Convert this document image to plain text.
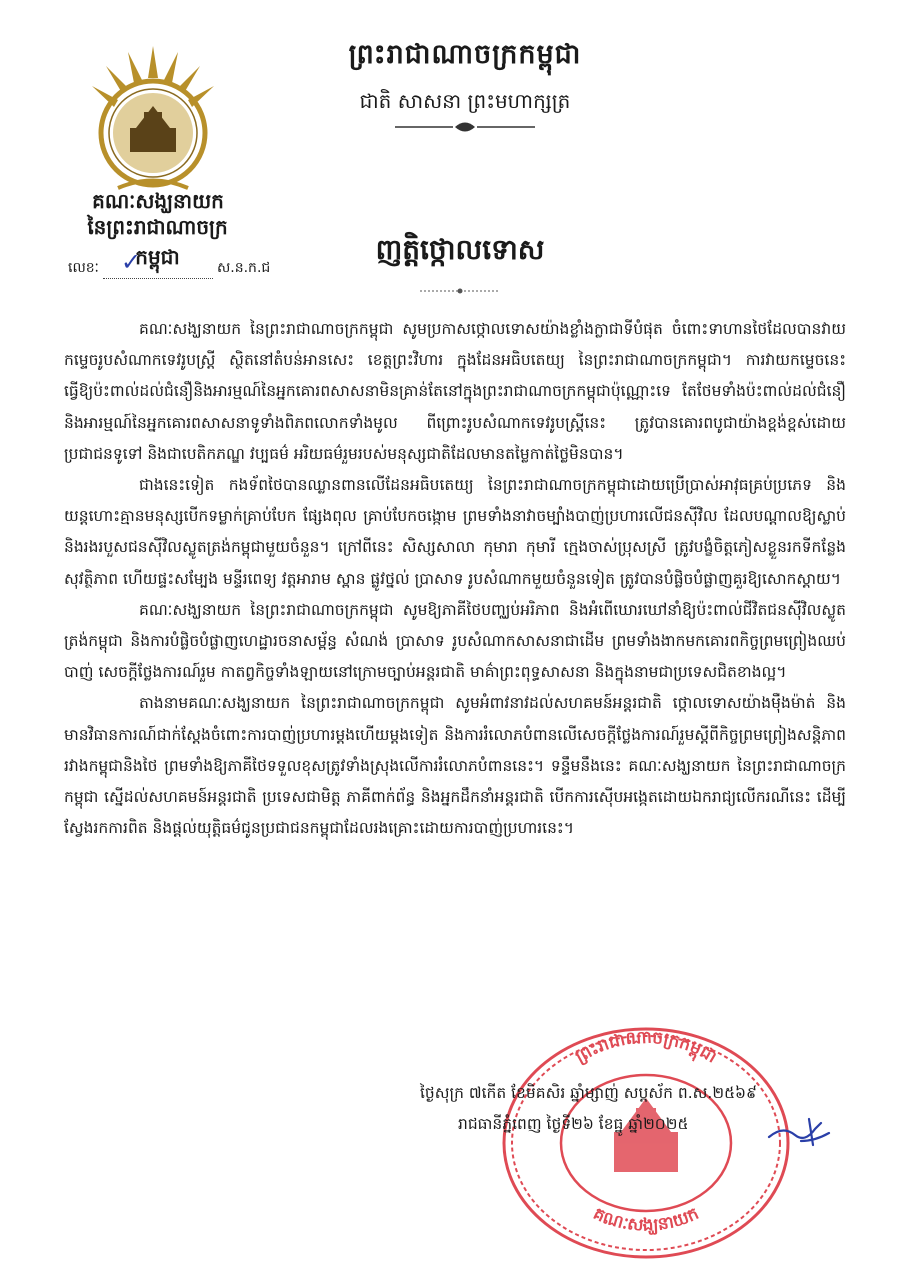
គណៈសង្ឃនាយក
នៃព្រះរាជាណាចក្រកម្ពុជា
លេខៈ ✓	ស.ន.ក.ជ
ព្រះរាជាណាចក្រកម្ពុជា
ជាតិ សាសនា ព្រះមហាក្សត្រ
ញត្តិថ្កោលទោស

គណៈសង្ឃនាយក នៃព្រះរាជាណាចក្រកម្ពុជា សូមប្រកាសថ្កោលទោសយ៉ាងខ្លាំងក្លាជាទីបំផុត ចំពោះទាហានថៃដែលបានវាយកម្ទេចរូបសំណាកទេវរូបស្ត្រី ស្ថិតនៅតំបន់អានសេះ ខេត្តព្រះវិហារ ក្នុងដែនអធិបតេយ្យ នៃព្រះរាជាណាចក្រកម្ពុជា។ ការវាយកម្ទេចនេះ ធ្វើឱ្យប៉ះពាល់ដល់ជំនឿនិងអារម្មណ៍នៃអ្នកគោរពសាសនាមិនគ្រាន់តែនៅក្នុងព្រះរាជាណាចក្រកម្ពុជាប៉ុណ្ណោះទេ តែថែមទាំងប៉ះពាល់ដល់ជំនឿនិងអារម្មណ៍នៃអ្នកគោរពសាសនាទូទាំងពិភពលោកទាំងមូល ពីព្រោះរូបសំណាកទេវរូបស្ត្រីនេះ ត្រូវបានគោរពបូជាយ៉ាងខ្ពង់ខ្ពស់ដោយប្រជាជនទូទៅ និងជាបេតិកភណ្ឌ វប្បធម៌ អរិយធម៌រួមរបស់មនុស្សជាតិដែលមានតម្លៃកាត់ថ្លៃមិនបាន។

ជាងនេះទៀត កងទ័ពថៃបានឈ្លានពានលើដែនអធិបតេយ្យ នៃព្រះរាជាណាចក្រកម្ពុជាដោយប្រើប្រាស់អាវុធគ្រប់ប្រភេទ និងយន្តហោះគ្មានមនុស្សបើកទម្លាក់គ្រាប់បែក ផ្សែងពុល គ្រាប់បែកចង្កោម ព្រមទាំងនាវាចម្បាំងបាញ់ប្រហារលើជនស៊ីវិល ដែលបណ្តាលឱ្យស្លាប់ និងរងរបួសជនស៊ីវិលស្លូតត្រង់កម្ពុជាមួយចំនួន។ ក្រៅពីនេះ សិស្សសាលា កុមារា កុមារី ក្មេងចាស់ប្រុសស្រី ត្រូវបង្ខំចិត្តភៀសខ្លួនរកទីកន្លែងសុវត្ថិភាព ហើយផ្ទះសម្បែង មន្ទីរពេទ្យ វត្តអារាម ស្ពាន ផ្លូវថ្នល់ ប្រាសាទ រូបសំណាកមួយចំនួនទៀត ត្រូវបានបំផ្លិចបំផ្លាញគួរឱ្យសោកស្តាយ។

គណៈសង្ឃនាយក នៃព្រះរាជាណាចក្រកម្ពុជា សូមឱ្យភាគីថៃបញ្ឈប់អរិភាព និងអំពើឃោរឃៅនាំឱ្យប៉ះពាល់ជីវិតជនស៊ីវិលស្លូតត្រង់កម្ពុជា និងការបំផ្លិចបំផ្លាញហេដ្ឋារចនាសម្ព័ន្ធ សំណង់ ប្រាសាទ រូបសំណាកសាសនាជាដើម ព្រមទាំងងាកមកគោរពកិច្ចព្រមព្រៀងឈប់បាញ់ សេចក្តីថ្លែងការណ៍រួម កាតព្វកិច្ចទាំងឡាយនៅក្រោមច្បាប់អន្តរជាតិ មាគ៌ាព្រះពុទ្ធសាសនា និងក្នុងនាមជាប្រទេសជិតខាងល្អ។

តាងនាមគណៈសង្ឃនាយក នៃព្រះរាជាណាចក្រកម្ពុជា សូមអំពាវនាវដល់សហគមន៍អន្តរជាតិ ថ្កោលទោសយ៉ាងម៉ឺងម៉ាត់ និងមានវិធានការណ៍ជាក់ស្តែងចំពោះការបាញ់ប្រហារម្តងហើយម្តងទៀត និងការរំលោភបំពានលើសេចក្តីថ្លែងការណ៍រួមស្តីពីកិច្ចព្រមព្រៀងសន្តិភាពរវាងកម្ពុជានិងថៃ ព្រមទាំងឱ្យភាគីថៃទទួលខុសត្រូវទាំងស្រុងលើការរំលោភបំពាននេះ។ ទន្ទឹមនឹងនេះ គណៈសង្ឃនាយក នៃព្រះរាជាណាចក្រកម្ពុជា ស្នើដល់សហគមន៍អន្តរជាតិ ប្រទេសជាមិត្ត ភាគីពាក់ព័ន្ធ និងអ្នកដឹកនាំអន្តរជាតិ បើកការស៊ើបអង្កេតដោយឯករាជ្យលើករណីនេះ ដើម្បីស្វែងរកការពិត និងផ្តល់យុត្តិធម៌ជូនប្រជាជនកម្ពុជាដែលរងគ្រោះដោយការបាញ់ប្រហារនេះ។

ព្រះរាជាណាចក្រកម្ពុជា
គណៈសង្ឃនាយក
ថ្ងៃសុក្រ ៧កើត ខែមិគសិរ ឆ្នាំម្សាញ់ សប្តស័ក ព.ស.២៥៦៩
រាជធានីភ្នំពេញ ថ្ងៃទី២៦ ខែធ្នូ ឆ្នាំ២០២៥
